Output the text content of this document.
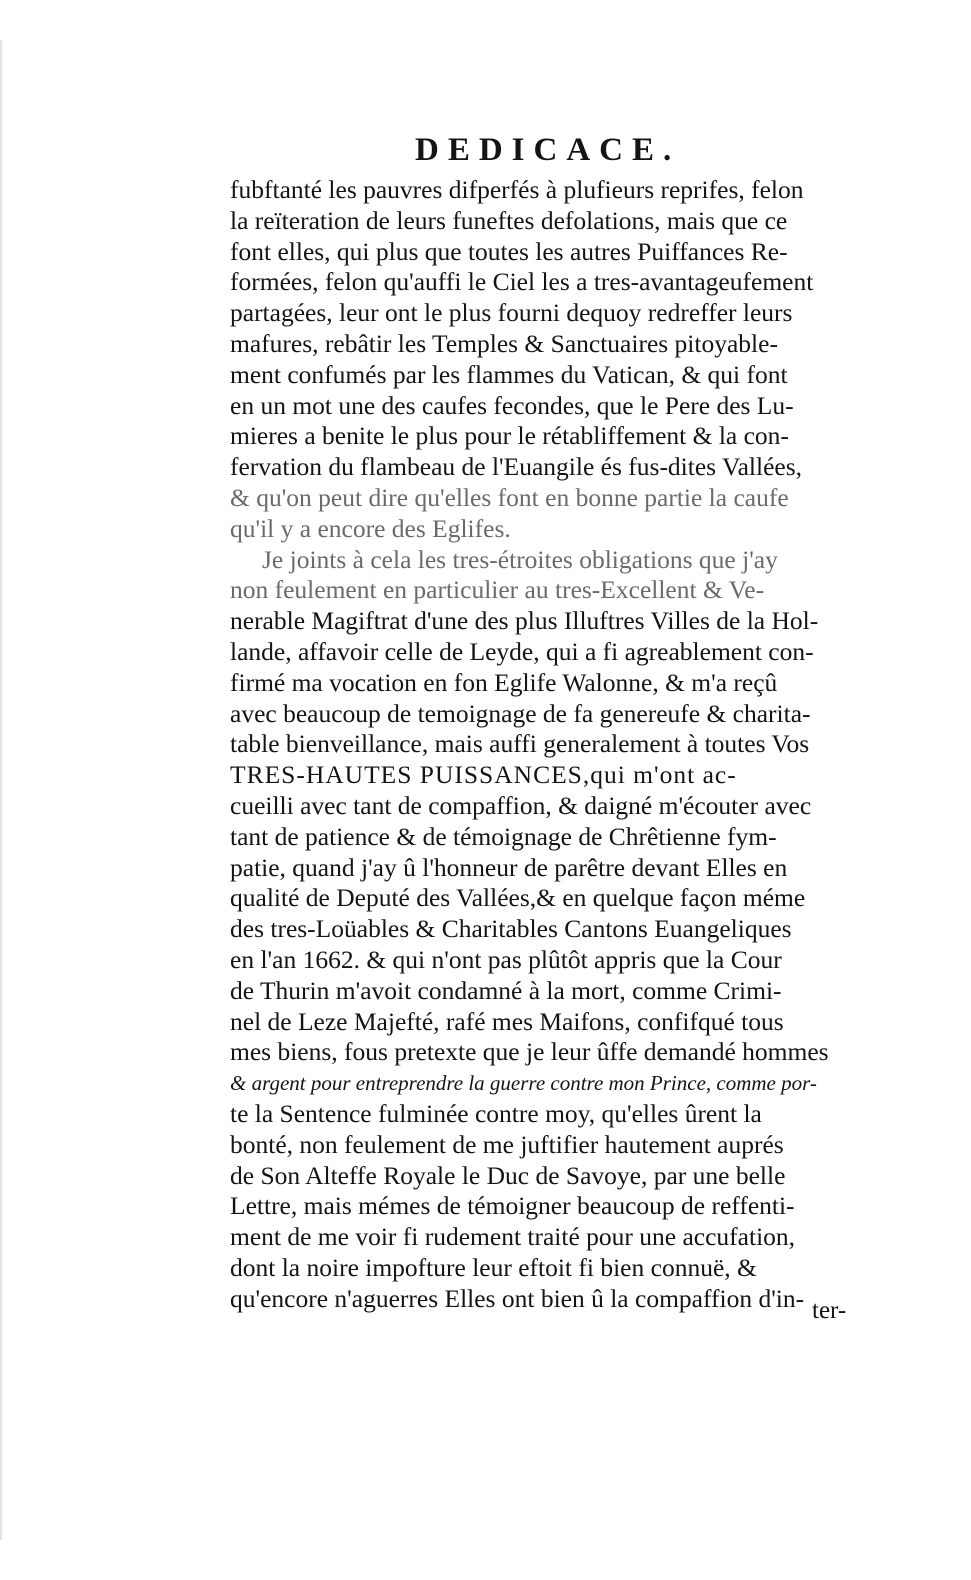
DEDICACE.
fubftanté les pauvres difperfés à plufieurs reprifes, felon
la reïteration de leurs funeftes defolations, mais que ce
font elles, qui plus que toutes les autres Puiffances Re-
formées, felon qu'auffi le Ciel les a tres-avantageufement
partagées, leur ont le plus fourni dequoy redreffer leurs
mafures, rebâtir les Temples & Sanctuaires pitoyable-
ment confumés par les flammes du Vatican, & qui font
en un mot une des caufes fecondes, que le Pere des Lu-
mieres a benite le plus pour le rétabliffement & la con-
fervation du flambeau de l'Euangile és fus-dites Vallées,
& qu'on peut dire qu'elles font en bonne partie la caufe
qu'il y a encore des Eglifes.
Je joints à cela les tres-étroites obligations que j'ay
non feulement en particulier au tres-Excellent & Ve-
nerable Magiftrat d'une des plus Illuftres Villes de la Hol-
lande, affavoir celle de Leyde, qui a fi agreablement con-
firmé ma vocation en fon Eglife Walonne, & m'a reçû
avec beaucoup de temoignage de fa genereufe & charita-
table bienveillance, mais auffi generalement à toutes Vos
TRES-HAUTES PUISSANCES,qui m'ont ac-
cueilli avec tant de compaffion, & daigné m'écouter avec
tant de patience & de témoignage de Chrêtienne fym-
patie, quand j'ay û l'honneur de parêtre devant Elles en
qualité de Deputé des Vallées,& en quelque façon méme
des tres-Loüables & Charitables Cantons Euangeliques
en l'an 1662. & qui n'ont pas plûtôt appris que la Cour
de Thurin m'avoit condamné à la mort, comme Crimi-
nel de Leze Majefté, rafé mes Maifons, confifqué tous
mes biens, fous pretexte que je leur ûffe demandé hommes
& argent pour entreprendre la guerre contre mon Prince, comme por-
te la Sentence fulminée contre moy, qu'elles ûrent la
bonté, non feulement de me juftifier hautement auprés
de Son Alteffe Royale le Duc de Savoye, par une belle
Lettre, mais mémes de témoigner beaucoup de reffenti-
ment de me voir fi rudement traité pour une accufation,
dont la noire impofture leur eftoit fi bien connuë, &
qu'encore n'aguerres Elles ont bien û la compaffion d'in- ter-
